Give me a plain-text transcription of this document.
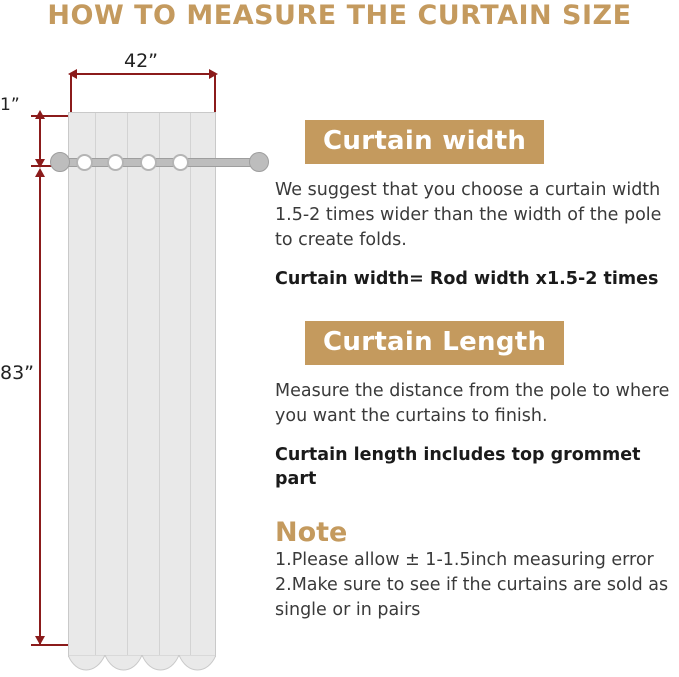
HOW TO MEASURE THE CURTAIN SIZE
42”
1”
83”
Curtain width
We suggest that you choose a curtain width 1.5-2 times wider than the width of the pole to create folds.
Curtain width= Rod width x1.5-2 times
Curtain Length
Measure the distance from the pole to where you want the curtains to finish.
Curtain length includes top grommet part
Note
1.Please allow ± 1-1.5inch measuring error
2.Make sure to see if the curtains are sold as single or in pairs
